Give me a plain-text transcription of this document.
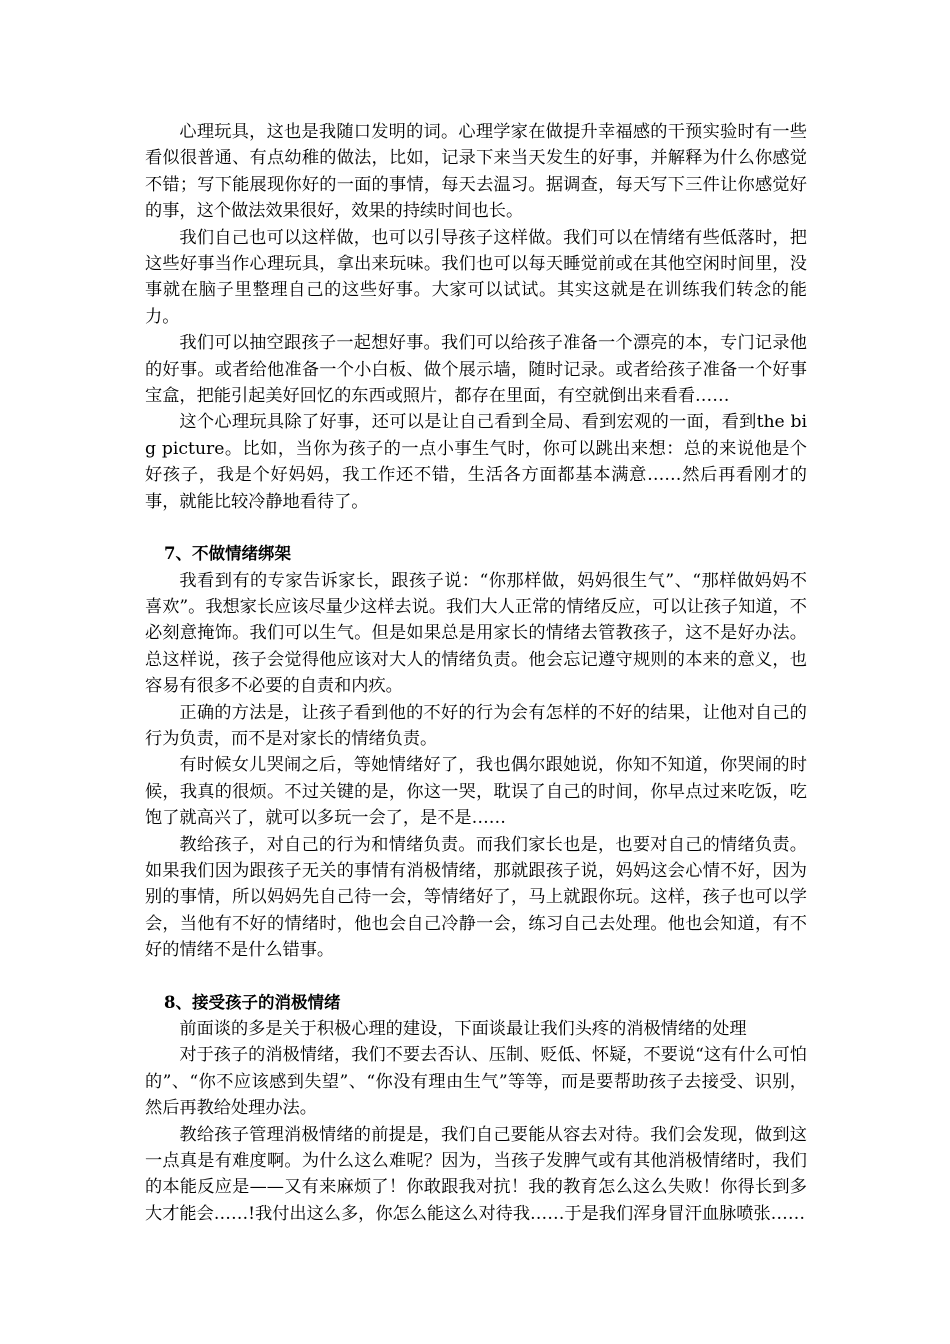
心理玩具，这也是我随口发明的词。心理学家在做提升幸福感的干预实验时有一些看似很普通、有点幼稚的做法，比如，记录下来当天发生的好事，并解释为什么你感觉不错；写下能展现你好的一面的事情，每天去温习。据调查，每天写下三件让你感觉好的事，这个做法效果很好，效果的持续时间也长。

我们自己也可以这样做，也可以引导孩子这样做。我们可以在情绪有些低落时，把这些好事当作心理玩具，拿出来玩味。我们也可以每天睡觉前或在其他空闲时间里，没事就在脑子里整理自己的这些好事。大家可以试试。其实这就是在训练我们转念的能力。

我们可以抽空跟孩子一起想好事。我们可以给孩子准备一个漂亮的本，专门记录他的好事。或者给他准备一个小白板、做个展示墙，随时记录。或者给孩子准备一个好事宝盒，把能引起美好回忆的东西或照片，都存在里面，有空就倒出来看看……

这个心理玩具除了好事，还可以是让自己看到全局、看到宏观的一面，看到the big picture。比如，当你为孩子的一点小事生气时，你可以跳出来想：总的来说他是个好孩子，我是个好妈妈，我工作还不错，生活各方面都基本满意……然后再看刚才的事，就能比较冷静地看待了。

7、不做情绪绑架

我看到有的专家告诉家长，跟孩子说：“你那样做，妈妈很生气”、“那样做妈妈不喜欢”。我想家长应该尽量少这样去说。我们大人正常的情绪反应，可以让孩子知道，不必刻意掩饰。我们可以生气。但是如果总是用家长的情绪去管教孩子，这不是好办法。总这样说，孩子会觉得他应该对大人的情绪负责。他会忘记遵守规则的本来的意义，也容易有很多不必要的自责和内疚。

正确的方法是，让孩子看到他的不好的行为会有怎样的不好的结果，让他对自己的行为负责，而不是对家长的情绪负责。

有时候女儿哭闹之后，等她情绪好了，我也偶尔跟她说，你知不知道，你哭闹的时候，我真的很烦。不过关键的是，你这一哭，耽误了自己的时间，你早点过来吃饭，吃饱了就高兴了，就可以多玩一会了，是不是……

教给孩子，对自己的行为和情绪负责。而我们家长也是，也要对自己的情绪负责。如果我们因为跟孩子无关的事情有消极情绪，那就跟孩子说，妈妈这会心情不好，因为别的事情，所以妈妈先自己待一会，等情绪好了，马上就跟你玩。这样，孩子也可以学会，当他有不好的情绪时，他也会自己冷静一会，练习自己去处理。他也会知道，有不好的情绪不是什么错事。

8、接受孩子的消极情绪

前面谈的多是关于积极心理的建设，下面谈最让我们头疼的消极情绪的处理

对于孩子的消极情绪，我们不要去否认、压制、贬低、怀疑，不要说“这有什么可怕的”、“你不应该感到失望”、“你没有理由生气”等等，而是要帮助孩子去接受、识别，然后再教给处理办法。

教给孩子管理消极情绪的前提是，我们自己要能从容去对待。我们会发现，做到这一点真是有难度啊。为什么这么难呢？因为，当孩子发脾气或有其他消极情绪时，我们的本能反应是——又有来麻烦了！你敢跟我对抗！我的教育怎么这么失败！你得长到多大才能会……!我付出这么多，你怎么能这么对待我……于是我们浑身冒汗血脉喷张……
